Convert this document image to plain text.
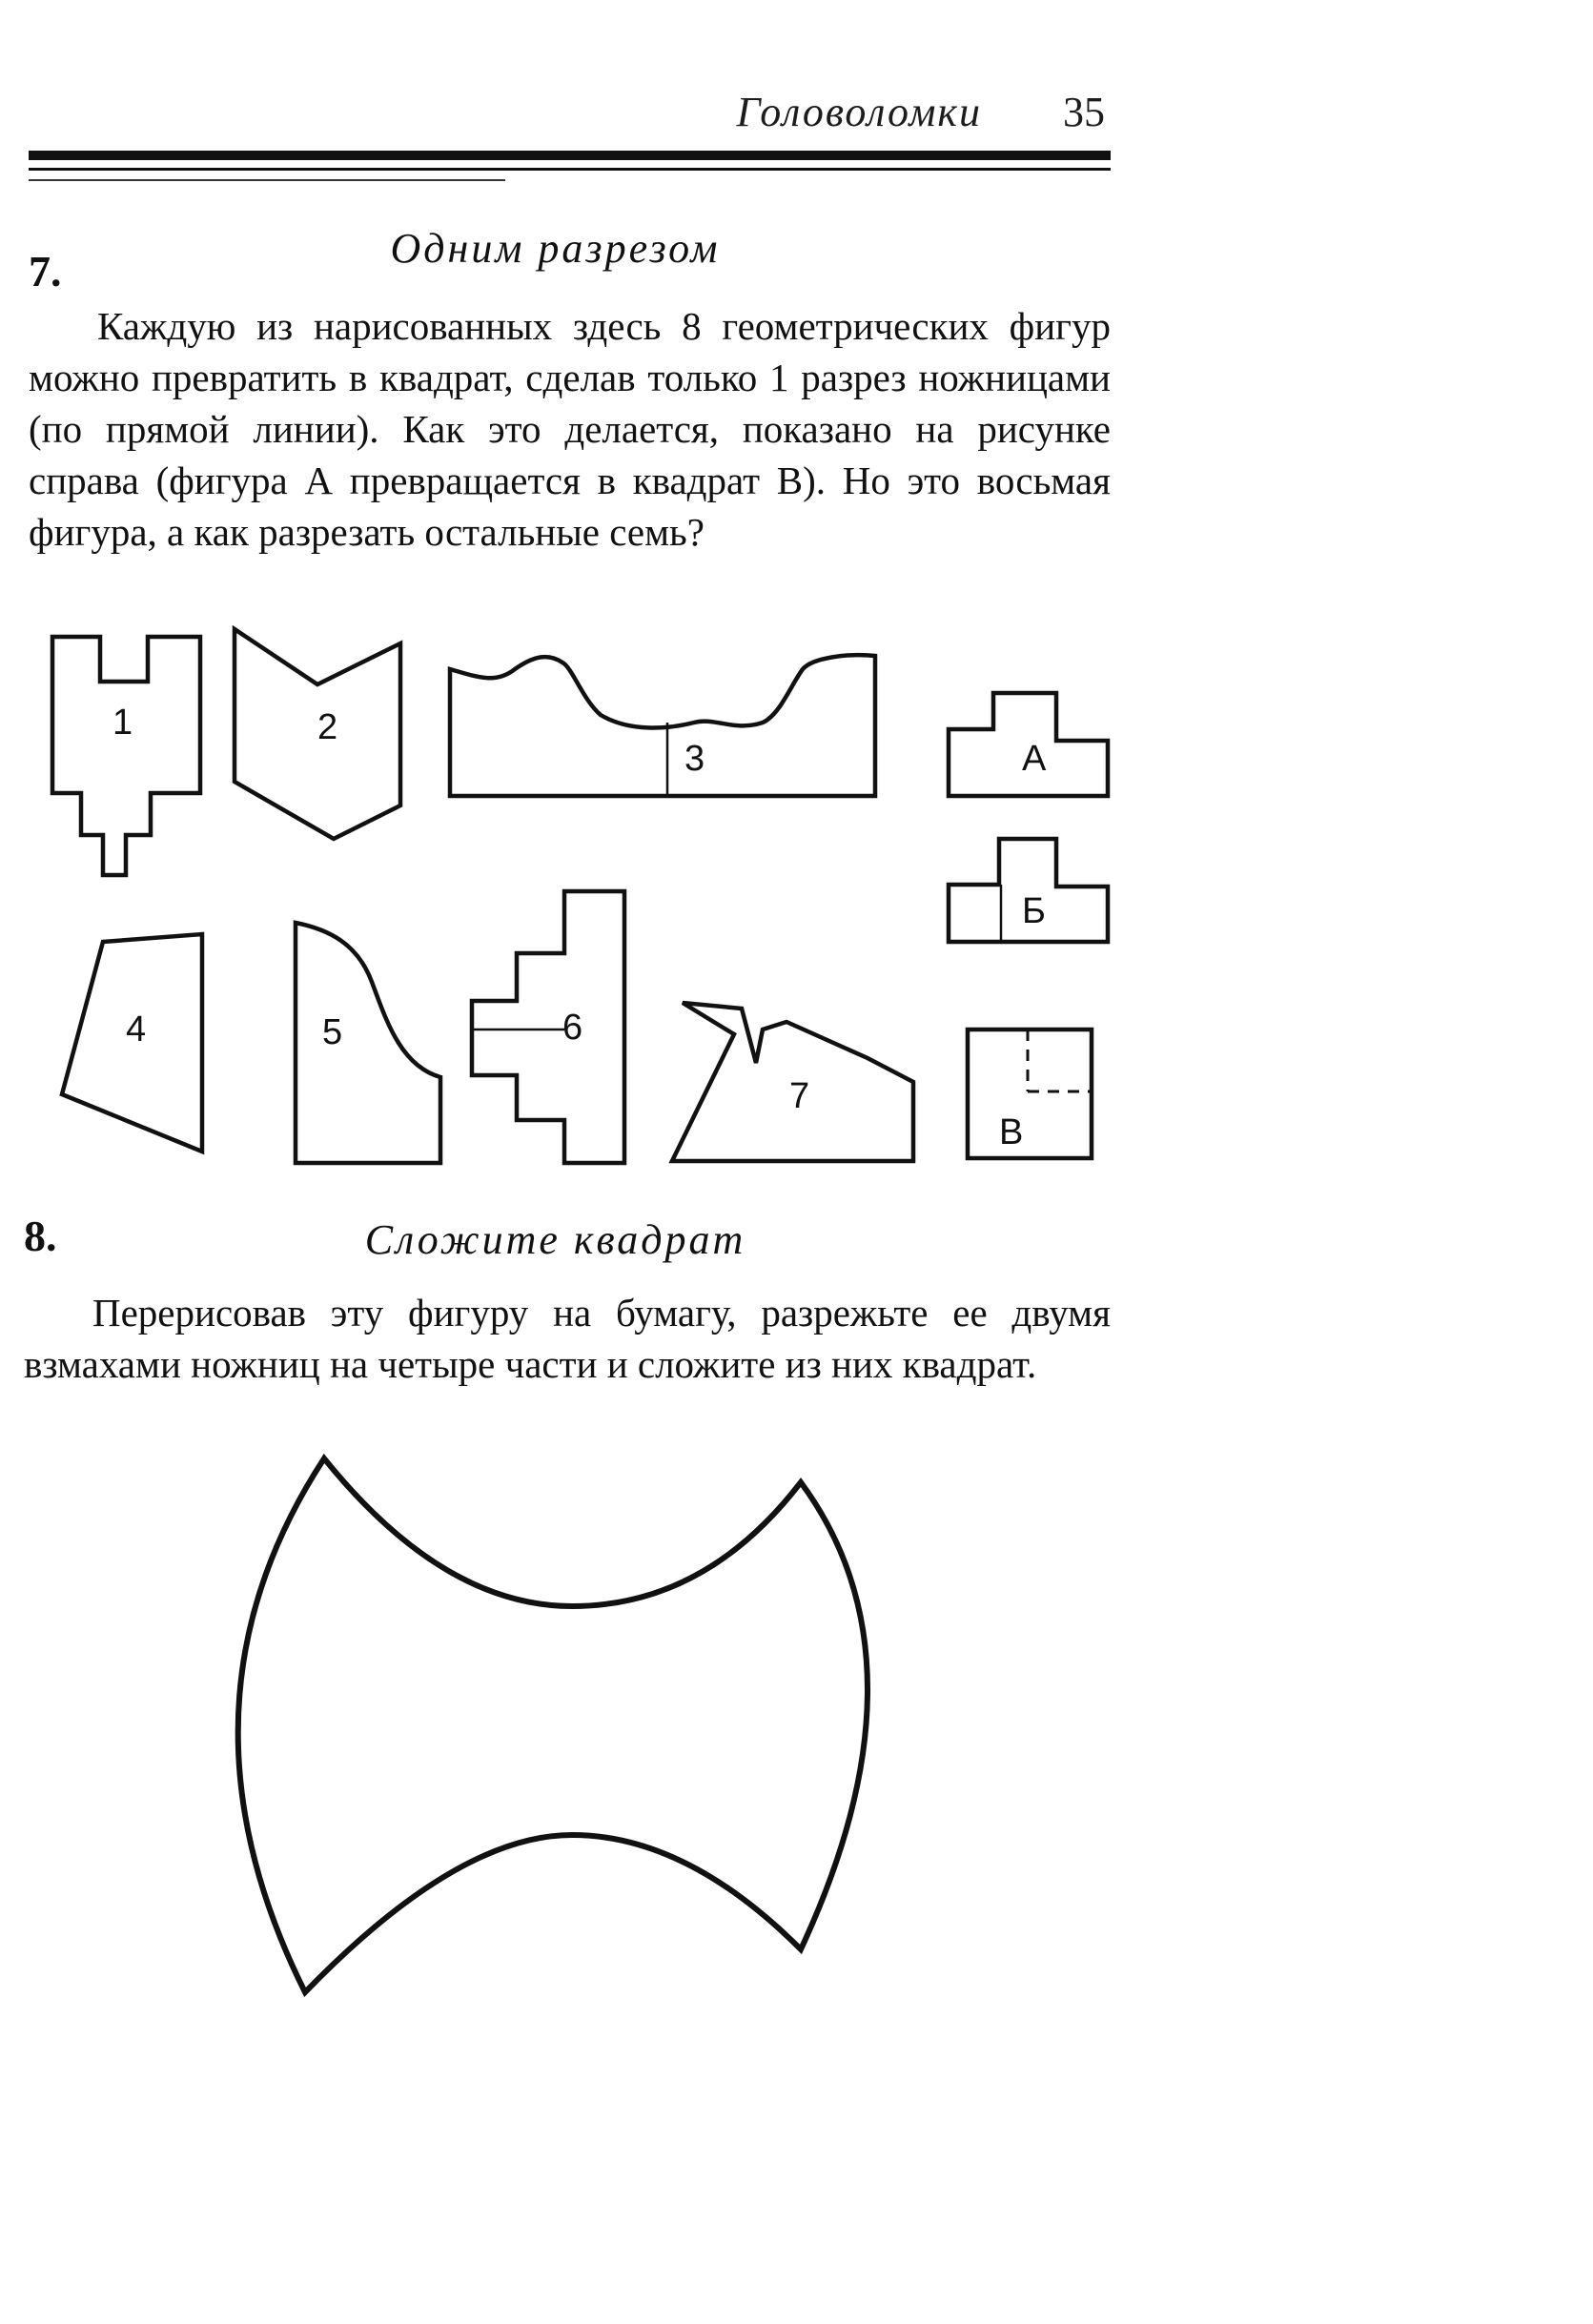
Головоломки 35
7.	Одним разрезом

Каждую из нарисованных здесь 8 геометрических фигур можно превратить в квадрат, сделав только 1 разрез ножницами (по прямой линии). Как это делается, показано на рисунке справа (фигура А превращается в квадрат В). Но это восьмая фигура, а как разрезать остальные семь?

1	2
3	А
Б
4	5	6
7
В
8.	Сложите квадрат

Перерисовав эту фигуру на бумагу, разрежьте ее двумя взмахами ножниц на четыре части и сложите из них квадрат.
